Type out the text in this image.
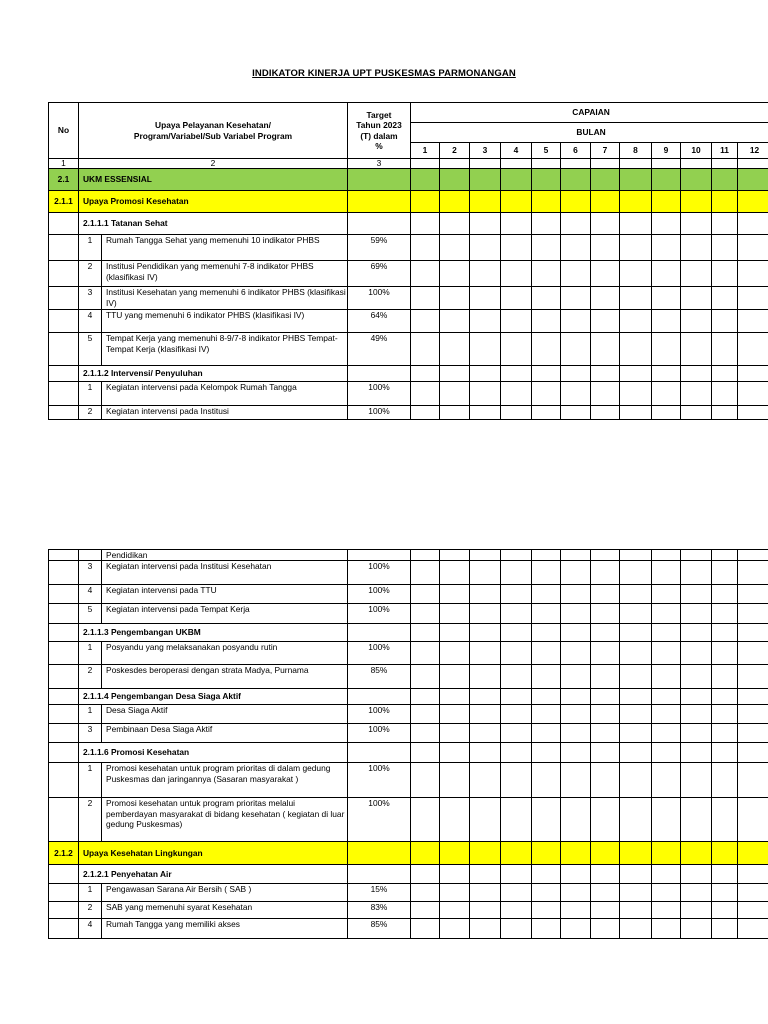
INDIKATOR KINERJA UPT PUSKESMAS PARMONANGAN
No	Upaya Pelayanan Kesehatan/ Program/Variabel/Sub Variabel Program		Target Tahun 2023 (T) dalam %	CAPAIAN											
				BULAN											
				1	2	3	4	5	6	7	8	9	10	11	12
1	2		3												
2.1	UKM ESSENSIAL														
2.1.1	Upaya Promosi Kesehatan														
	2.1.1.1 Tatanan Sehat														
	1	Rumah Tangga Sehat yang memenuhi 10 indikator PHBS	59%												
	2	Institusi Pendidikan yang memenuhi 7-8 indikator PHBS (klasifikasi IV)	69%												
	3	Institusi Kesehatan yang memenuhi 6 indikator PHBS (klasifikasi IV)	100%												
	4	TTU yang memenuhi 6 indikator PHBS (klasifikasi IV)	64%												
	5	Tempat Kerja yang memenuhi 8-9/7-8 indikator PHBS Tempat-Tempat Kerja (klasifikasi IV)	49%												
	2.1.1.2 Intervensi/ Penyuluhan														
	1	Kegiatan intervensi pada Kelompok Rumah Tangga	100%												
	2	Kegiatan intervensi pada Institusi	100%												
		Pendidikan													
	3	Kegiatan intervensi pada Institusi Kesehatan	100%												
	4	Kegiatan intervensi pada TTU	100%												
	5	Kegiatan intervensi pada Tempat Kerja	100%												
	2.1.1.3 Pengembangan UKBM														
	1	Posyandu yang melaksanakan posyandu rutin	100%												
	2	Poskesdes beroperasi dengan strata Madya, Purnama	85%												
	2.1.1.4 Pengembangan Desa Siaga Aktif														
	1	Desa Siaga Aktif	100%												
	3	Pembinaan Desa Siaga Aktif	100%												
	2.1.1.6 Promosi Kesehatan														
	1	Promosi kesehatan untuk program prioritas di dalam gedung Puskesmas dan jaringannya (Sasaran masyarakat )	100%												
	2	Promosi kesehatan untuk program prioritas melalui pemberdayan masyarakat di bidang kesehatan ( kegiatan di luar gedung Puskesmas)	100%												
2.1.2	Upaya Kesehatan Lingkungan														
	2.1.2.1 Penyehatan Air														
	1	Pengawasan Sarana Air Bersih ( SAB )	15%												
	2	SAB yang memenuhi syarat Kesehatan	83%												
	4	Rumah Tangga yang memiliki akses	85%												
